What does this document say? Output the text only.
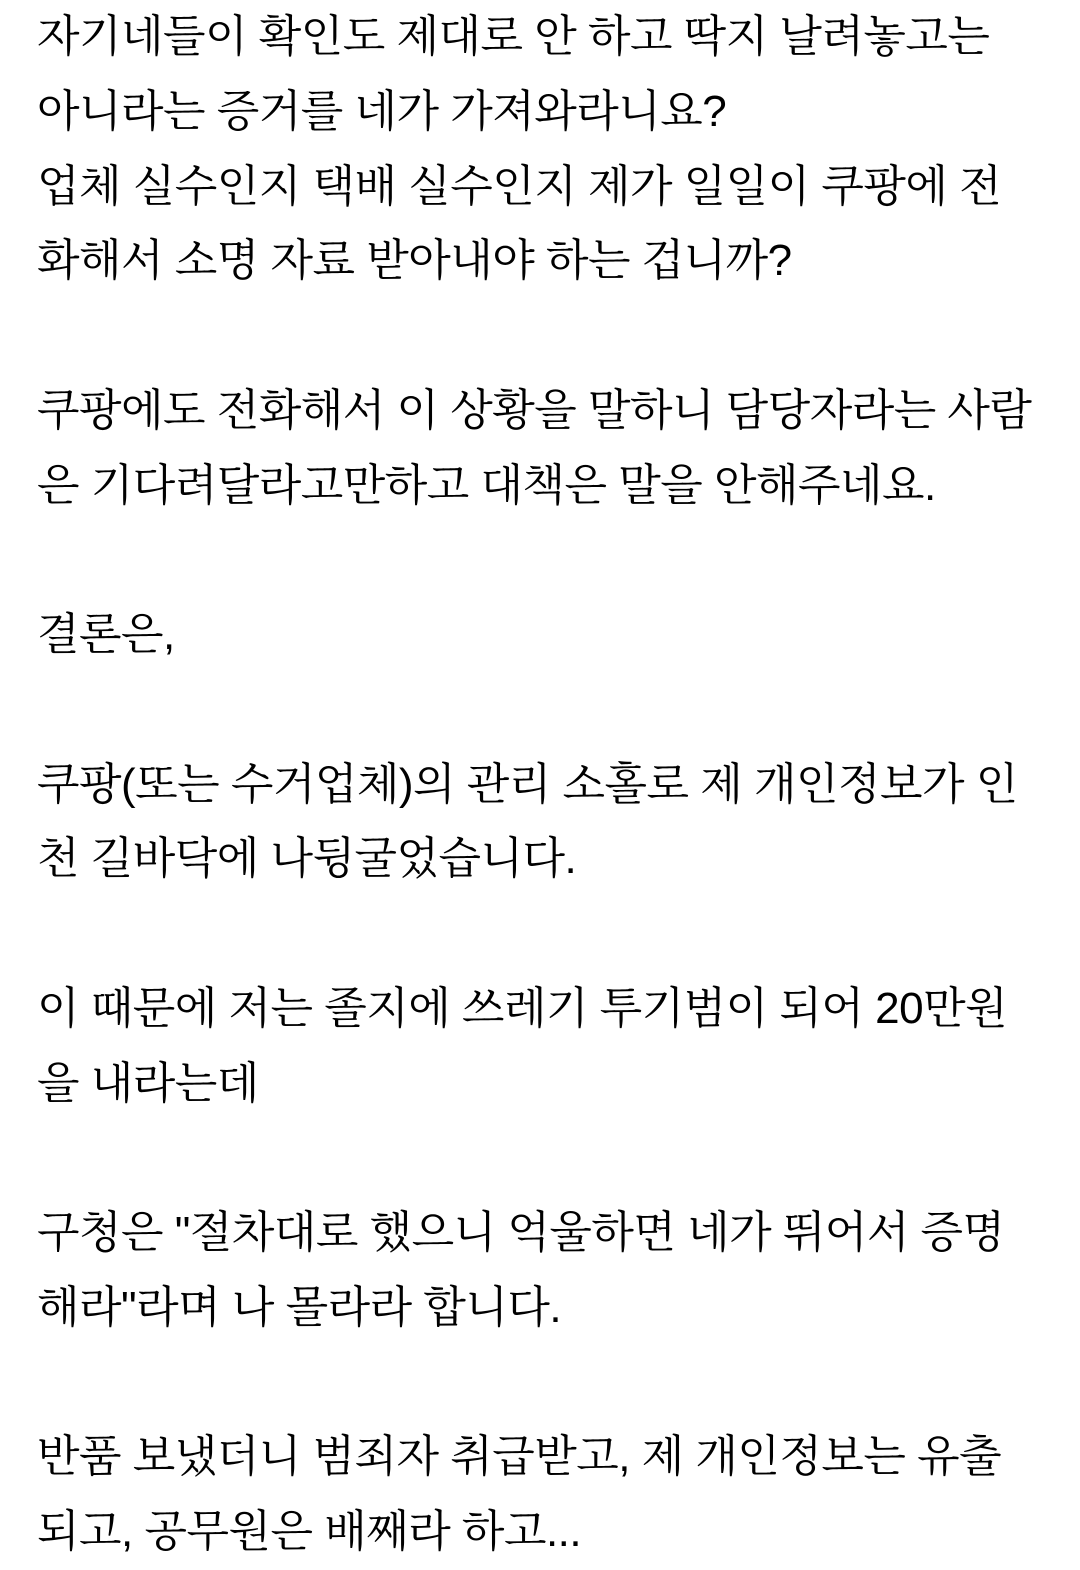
자기네들이 확인도 제대로 안 하고 딱지 날려놓고는 아니라는 증거를 네가 가져와라니요?

업체 실수인지 택배 실수인지 제가 일일이 쿠팡에 전화해서 소명 자료 받아내야 하는 겁니까?

쿠팡에도 전화해서 이 상황을 말하니 담당자라는 사람은 기다려달라고만하고 대책은 말을 안해주네요.

결론은,

쿠팡(또는 수거업체)의 관리 소홀로 제 개인정보가 인천 길바닥에 나뒹굴었습니다.

이 때문에 저는 졸지에 쓰레기 투기범이 되어 20만원을 내라는데

구청은 "절차대로 했으니 억울하면 네가 뛰어서 증명해라"라며 나 몰라라 합니다.

반품 보냈더니 범죄자 취급받고, 제 개인정보는 유출되고, 공무원은 배째라 하고...
